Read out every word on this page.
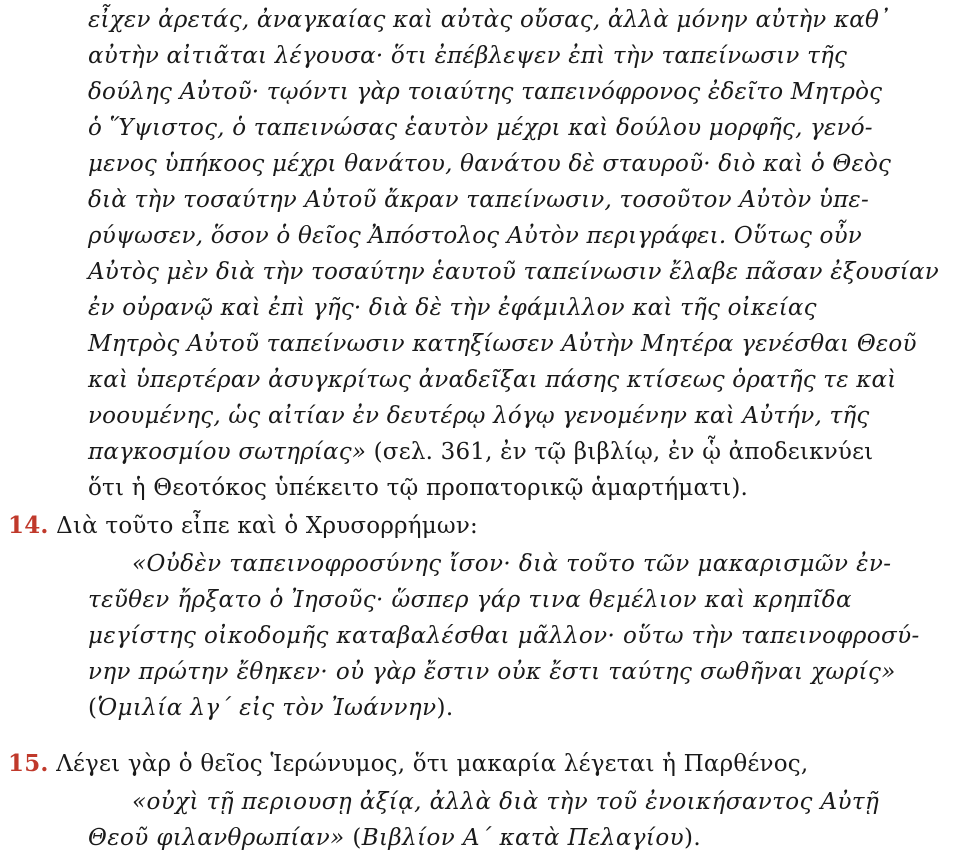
εἶχεν ἀρετάς, ἀναγκαίας καὶ αὐτὰς οὔσας, ἀλλὰ μόνην αὐτὴν καθ᾽
αὐτὴν αἰτιᾶται λέγουσα· ὅτι ἐπέβλεψεν ἐπὶ τὴν ταπείνωσιν τῆς
δούλης Αὐτοῦ· τῳόντι γὰρ τοιαύτης ταπεινόφρονος ἐδεῖτο Μητρὸς
ὁ Ὕψιστος, ὁ ταπεινώσας ἑαυτὸν μέχρι καὶ δούλου μορφῆς, γενό-
μενος ὑπήκοος μέχρι θανάτου, θανάτου δὲ σταυροῦ· διὸ καὶ ὁ Θεὸς
διὰ τὴν τοσαύτην Αὐτοῦ ἄκραν ταπείνωσιν, τοσοῦτον Αὐτὸν ὑπε-
ρύψωσεν, ὅσον ὁ θεῖος Ἀπόστολος Αὐτὸν περιγράφει. Οὕτως οὖν
Αὐτὸς μὲν διὰ τὴν τοσαύτην ἑαυτοῦ ταπείνωσιν ἔλαβε πᾶσαν ἐξουσίαν
ἐν οὐρανῷ καὶ ἐπὶ γῆς· διὰ δὲ τὴν ἐφάμιλλον καὶ τῆς οἰκείας
Μητρὸς Αὐτοῦ ταπείνωσιν κατηξίωσεν Αὐτὴν Μητέρα γενέσθαι Θεοῦ
καὶ ὑπερτέραν ἀσυγκρίτως ἀναδεῖξαι πάσης κτίσεως ὁρατῆς τε καὶ
νοουμένης, ὡς αἰτίαν ἐν δευτέρῳ λόγῳ γενομένην καὶ Αὐτήν, τῆς
παγκοσμίου σωτηρίας» (σελ. 361, ἐν τῷ βιβλίῳ, ἐν ᾧ ἀποδεικνύει
ὅτι ἡ Θεοτόκος ὑπέκειτο τῷ προπατορικῷ ἁμαρτήματι).
14. Διὰ τοῦτο εἶπε καὶ ὁ Χρυσορρήμων:
«Οὐδὲν ταπεινοφροσύνης ἴσον· διὰ τοῦτο τῶν μακαρισμῶν ἐν-
τεῦθεν ἤρξατο ὁ Ἰησοῦς· ὥσπερ γάρ τινα θεμέλιον καὶ κρηπῖδα
μεγίστης οἰκοδομῆς καταβαλέσθαι μᾶλλον· οὕτω τὴν ταπεινοφροσύ-
νην πρώτην ἔθηκεν· οὐ γὰρ ἔστιν οὐκ ἔστι ταύτης σωθῆναι χωρίς»
(Ὁμιλία λγ´ εἰς τὸν Ἰωάννην).
15. Λέγει γὰρ ὁ θεῖος Ἱερώνυμος, ὅτι μακαρία λέγεται ἡ Παρθένος,
«οὐχὶ τῇ περιουσῃ ἀξίᾳ, ἀλλὰ διὰ τὴν τοῦ ἐνοικήσαντος Αὐτῇ
Θεοῦ φιλανθρωπίαν» (Βιβλίον Α´ κατὰ Πελαγίου).
